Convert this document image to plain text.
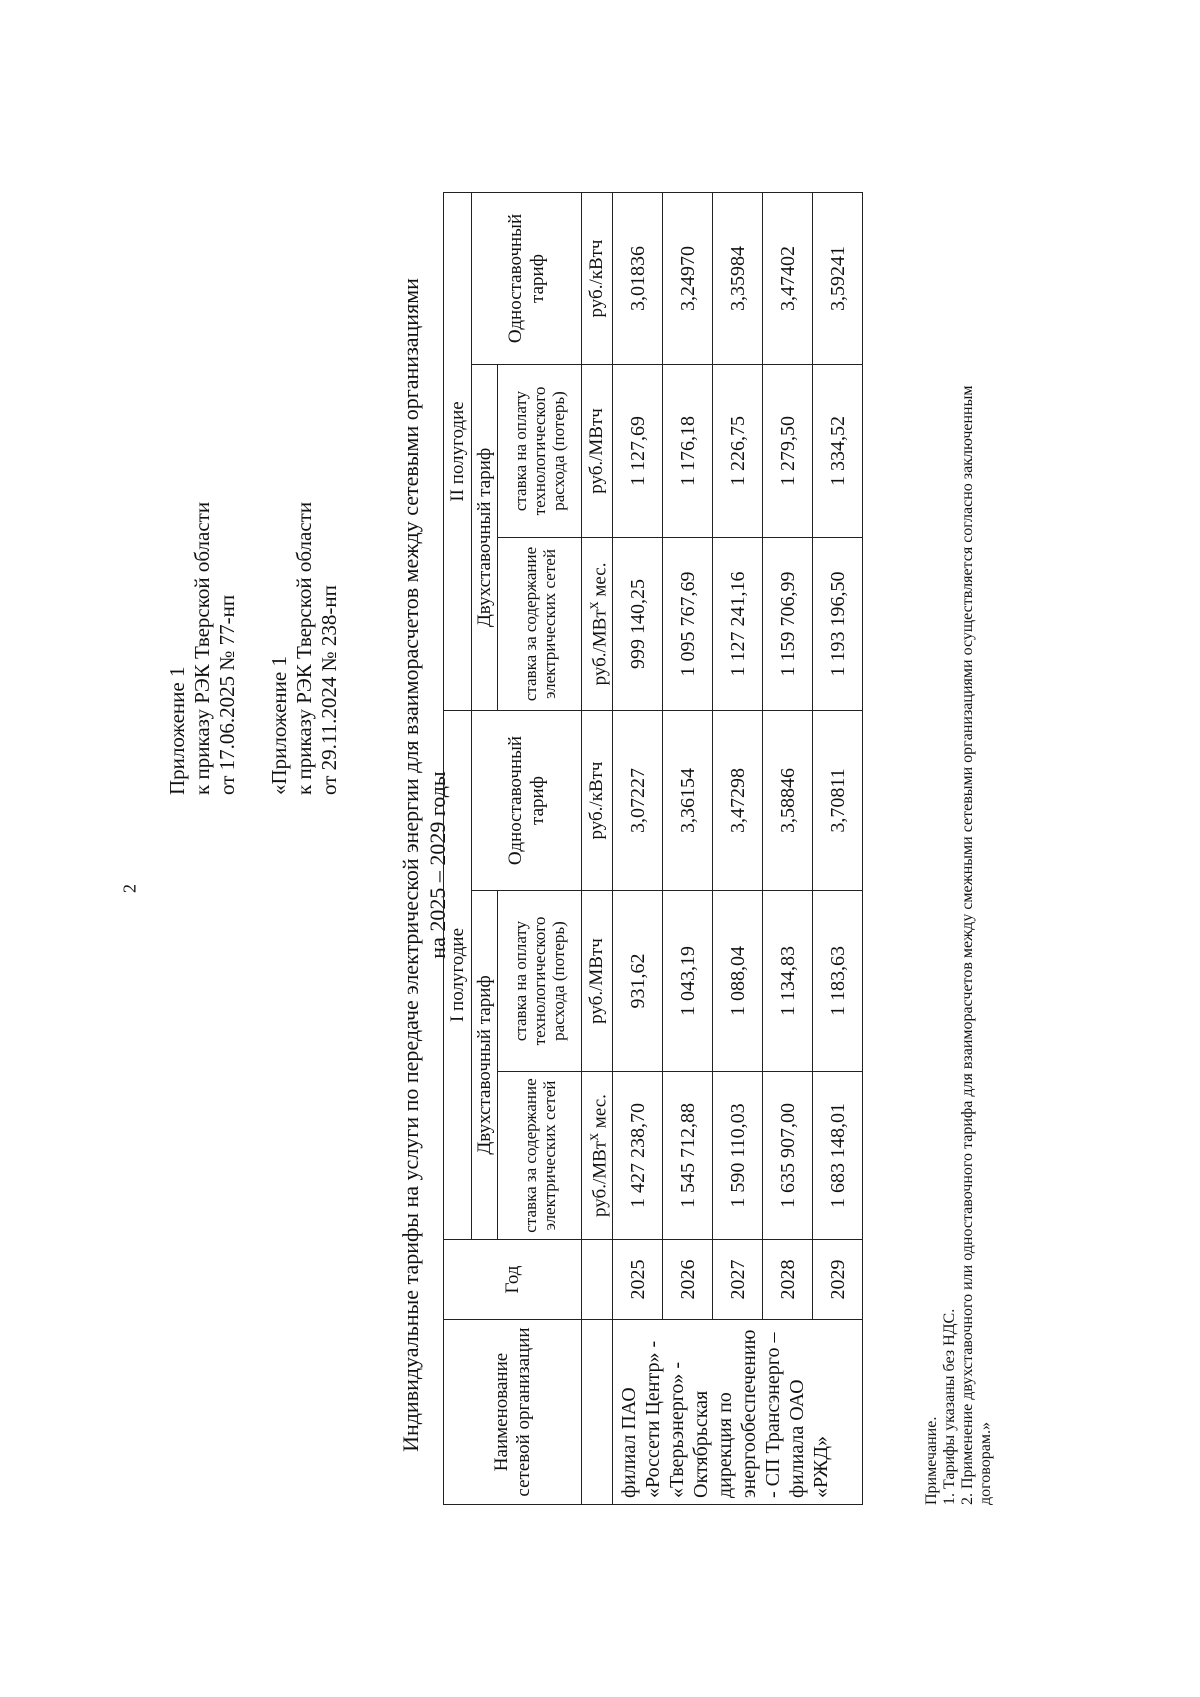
2
Приложение 1 к приказу РЭК Тверской области от 17.06.2025 № 77-нп «Приложение 1 к приказу РЭК Тверской области от 29.11.2024 № 238-нп	Индивидуальные тарифы на услуги по передаче электрической энергии для взаиморасчетов между сетевыми организациями на 2025 – 2029 годы
Наименование сетевой организации	Год	I полугодие			II полугодие		
		Двухставочный тариф		Одноставочный тариф	Двухставочный тариф		Одноставочный тариф
		ставка за содержание электрических сетей	ставка на оплату технологического расхода (потерь)		ставка за содержание электрических сетей	ставка на оплату технологического расхода (потерь)	
		руб./МВт$^х$ мес.	руб./МВтч	руб./кВтч	руб./МВт$^х$ мес.	руб./МВтч	руб./кВтч
филиал ПАО «Россети Центр» - «Тверьэнерго» - Октябрьская дирекция по энергообеспечению - СП Трансэнерго – филиала ОАО «РЖД»	2025	1 427 238,70	931,62	3,07227	999 140,25	1 127,69	3,01836
	2026	1 545 712,88	1 043,19	3,36154	1 095 767,69	1 176,18	3,24970
	2027	1 590 110,03	1 088,04	3,47298	1 127 241,16	1 226,75	3,35984
	2028	1 635 907,00	1 134,83	3,58846	1 159 706,99	1 279,50	3,47402
	2029	1 683 148,01	1 183,63	3,70811	1 193 196,50	1 334,52	3,59241
Примечание. 1. Тарифы указаны без НДС. 2. Применение двухставочного или одноставочного тарифа для взаиморасчетов между смежными сетевыми организациями осуществляется согласно заключенным договорам.»
